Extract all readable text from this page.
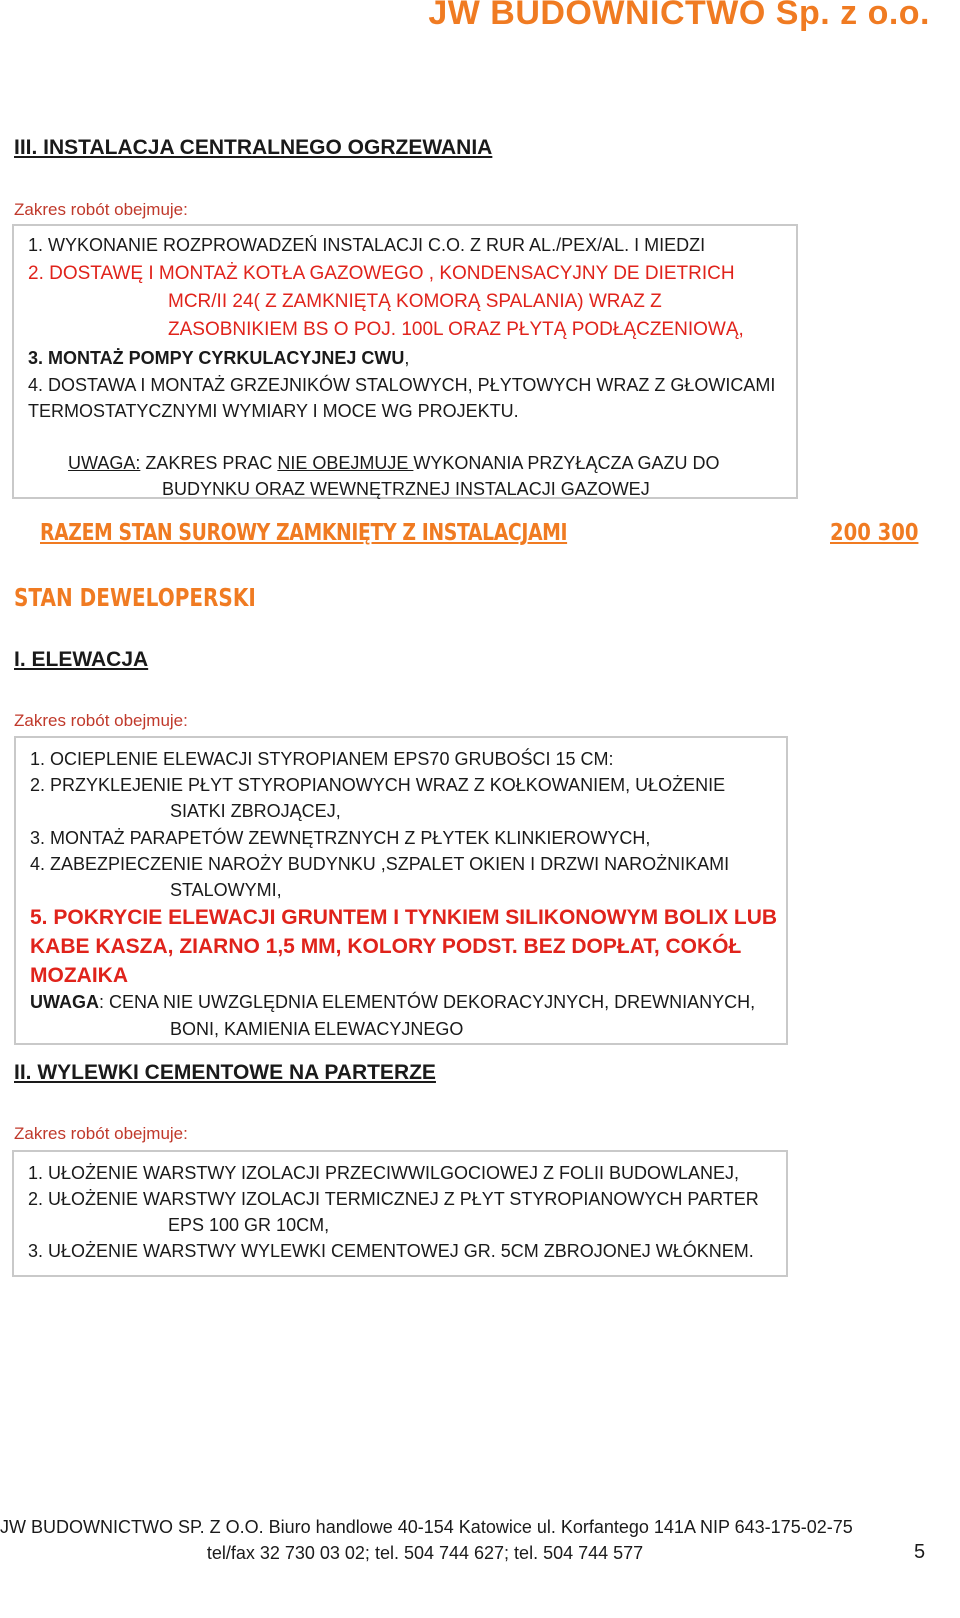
JW BUDOWNICTWO Sp. z o.o.
III. INSTALACJA CENTRALNEGO OGRZEWANIA
Zakres robót obejmuje:
1. WYKONANIE ROZPROWADZEŃ INSTALACJI C.O. Z RUR AL./PEX/AL. I MIEDZI
2. DOSTAWĘ I MONTAŻ KOTŁA GAZOWEGO , KONDENSACYJNY DE DIETRICH
MCR/II 24( Z ZAMKNIĘTĄ KOMORĄ SPALANIA) WRAZ Z
ZASOBNIKIEM BS O POJ. 100L ORAZ PŁYTĄ PODŁĄCZENIOWĄ,
3. MONTAŻ POMPY CYRKULACYJNEJ CWU,
4. DOSTAWA I MONTAŻ GRZEJNIKÓW STALOWYCH, PŁYTOWYCH WRAZ Z GŁOWICAMI
TERMOSTATYCZNYMI WYMIARY I MOCE WG PROJEKTU.
UWAGA: ZAKRES PRAC NIE OBEJMUJE WYKONANIA PRZYŁĄCZA GAZU DO
BUDYNKU ORAZ WEWNĘTRZNEJ INSTALACJI GAZOWEJ
RAZEM STAN SUROWY ZAMKNIĘTY Z INSTALACJAMI	200 300
STAN DEWELOPERSKI
I. ELEWACJA
Zakres robót obejmuje:
1. OCIEPLENIE ELEWACJI STYROPIANEM EPS70 GRUBOŚCI 15 CM:
2. PRZYKLEJENIE PŁYT STYROPIANOWYCH WRAZ Z KOŁKOWANIEM, UŁOŻENIE
SIATKI ZBROJĄCEJ,
3. MONTAŻ PARAPETÓW ZEWNĘTRZNYCH Z PŁYTEK KLINKIEROWYCH,
4. ZABEZPIECZENIE NAROŻY BUDYNKU ,SZPALET OKIEN I DRZWI NAROŻNIKAMI
STALOWYMI,
5. POKRYCIE ELEWACJI GRUNTEM I TYNKIEM SILIKONOWYM BOLIX LUB
KABE KASZA, ZIARNO 1,5 MM, KOLORY PODST. BEZ DOPŁAT, COKÓŁ
MOZAIKA
UWAGA: CENA NIE UWZGLĘDNIA ELEMENTÓW DEKORACYJNYCH, DREWNIANYCH,
BONI, KAMIENIA ELEWACYJNEGO
II. WYLEWKI CEMENTOWE NA PARTERZE
Zakres robót obejmuje:
1. UŁOŻENIE WARSTWY IZOLACJI PRZECIWWILGOCIOWEJ Z FOLII BUDOWLANEJ,
2. UŁOŻENIE WARSTWY IZOLACJI TERMICZNEJ Z PŁYT STYROPIANOWYCH PARTER
EPS 100 GR 10CM,
3. UŁOŻENIE WARSTWY WYLEWKI CEMENTOWEJ GR. 5CM ZBROJONEJ WŁÓKNEM.
JW BUDOWNICTWO SP. Z O.O. Biuro handlowe 40-154 Katowice ul. Korfantego 141A NIP 643-175-02-75
tel/fax 32 730 03 02; tel. 504 744 627; tel. 504 744 577	5
